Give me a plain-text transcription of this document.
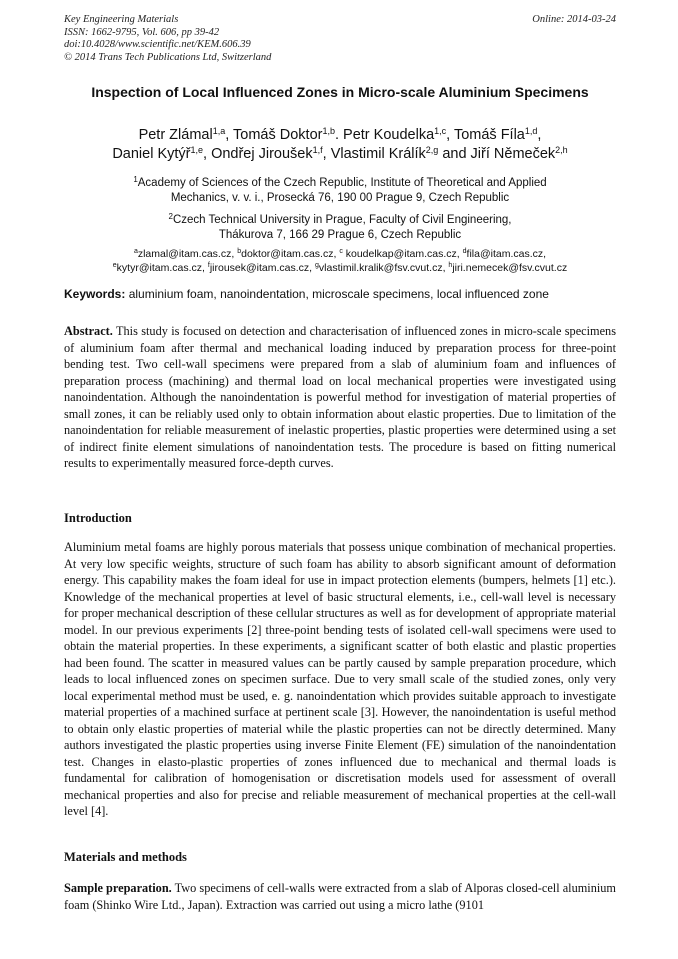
Key Engineering Materials
ISSN: 1662-9795, Vol. 606, pp 39-42
doi:10.4028/www.scientific.net/KEM.606.39
© 2014 Trans Tech Publications Ltd, Switzerland
Online: 2014-03-24
Inspection of Local Influenced Zones in Micro-scale Aluminium Specimens
Petr Zlámal$^{1,a}$, Tomáš Doktor$^{1,b}$. Petr Koudelka$^{1,c}$, Tomáš Fíla$^{1,d}$,
Daniel Kytýř$^{1,e}$, Ondřej Jiroušek$^{1,f}$, Vlastimil Králík$^{2,g}$ and Jiří Němeček$^{2,h}$
$^1$Academy of Sciences of the Czech Republic, Institute of Theoretical and Applied
Mechanics, v. v. i., Prosecká 76, 190 00 Prague 9, Czech Republic
$^2$Czech Technical University in Prague, Faculty of Civil Engineering,
Thákurova 7, 166 29 Prague 6, Czech Republic
$^a$zlamal@itam.cas.cz, $^b$doktor@itam.cas.cz, $^c$ koudelkap@itam.cas.cz, $^d$fila@itam.cas.cz,
$^e$kytyr@itam.cas.cz, $^f$jirousek@itam.cas.cz, $^g$vlastimil.kralik@fsv.cvut.cz, $^h$jiri.nemecek@fsv.cvut.cz
Keywords: aluminium foam, nanoindentation, microscale specimens, local influenced zone
Abstract. This study is focused on detection and characterisation of influenced zones in micro-scale specimens of aluminium foam after thermal and mechanical loading induced by preparation process for three-point bending test. Two cell-wall specimens were prepared from a slab of aluminium foam and influences of preparation process (machining) and thermal load on local mechanical properties were investigated using nanoindentation. Although the nanoindentation is powerful method for investigation of material properties of small zones, it can be reliably used only to obtain information about elastic properties. Due to limitation of the nanoindentation for reliable measurement of inelastic properties, plastic properties were determined using a set of indirect finite element simulations of nanoindentation tests. The procedure is based on fitting numerical results to experimentally measured force-depth curves.
Introduction
Aluminium metal foams are highly porous materials that possess unique combination of mechanical properties. At very low specific weights, structure of such foam has ability to absorb significant amount of deformation energy. This capability makes the foam ideal for use in impact protection elements (bumpers, helmets [1] etc.). Knowledge of the mechanical properties at level of basic structural elements, i.e., cell-wall level is necessary for proper mechanical description of these cellular structures as well as for development of appropriate material model. In our previous experiments [2] three-point bending tests of isolated cell-wall specimens were used to obtain the material properties. In these experiments, a significant scatter of both elastic and plastic properties had been found. The scatter in measured values can be partly caused by sample preparation procedure, which leads to local influenced zones on specimen surface. Due to very small scale of the studied zones, only very local experimental method must be used, e. g. nanoindentation which provides suitable approach to investigate material properties of a machined surface at pertinent scale [3]. However, the nanoindentation is useful method to obtain only elastic properties of material while the plastic properties can not be directly determined. Many authors investigated the plastic properties using inverse Finite Element (FE) simulation of the nanoindentation test. Changes in elasto-plastic properties of zones influenced due to mechanical and thermal loads is fundamental for calibration of homogenisation or discretisation models used for assessment of overall mechanical properties and also for precise and reliable measurement of mechanical properties at the cell-wall level [4].
Materials and methods
Sample preparation. Two specimens of cell-walls were extracted from a slab of Alporas closed-cell aluminium foam (Shinko Wire Ltd., Japan). Extraction was carried out using a micro lathe (9101
